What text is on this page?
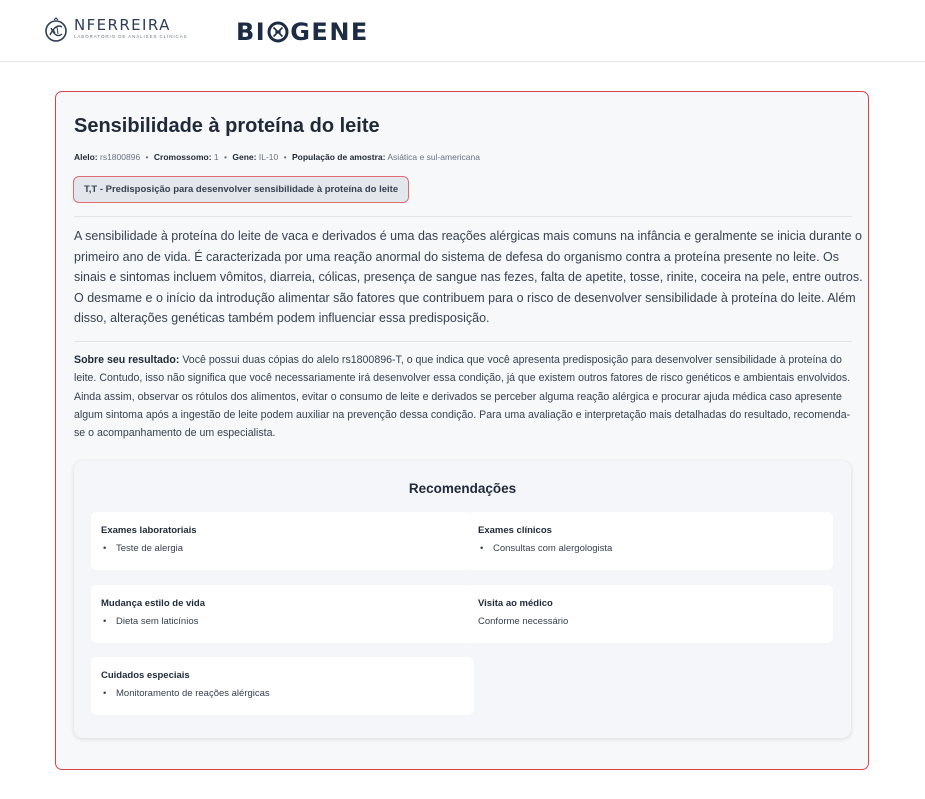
NFERREIRA
LABORATÓRIO DE ANÁLISES CLÍNICAS BI GENE
Sensibilidade à proteína do leite
Alelo: rs1800896 • Cromossomo: 1 • Gene: IL-10 • População de amostra: Asiática e sul-americana
T,T - Predisposição para desenvolver sensibilidade à proteína do leite

A sensibilidade à proteína do leite de vaca e derivados é uma das reações alérgicas mais comuns na infância e geralmente se inicia durante o primeiro ano de vida. É caracterizada por uma reação anormal do sistema de defesa do organismo contra a proteína presente no leite. Os sinais e sintomas incluem vômitos, diarreia, cólicas, presença de sangue nas fezes, falta de apetite, tosse, rinite, coceira na pele, entre outros. O desmame e o início da introdução alimentar são fatores que contribuem para o risco de desenvolver sensibilidade à proteína do leite. Além disso, alterações genéticas também podem influenciar essa predisposição.

Sobre seu resultado: Você possui duas cópias do alelo rs1800896-T, o que indica que você apresenta predisposição para desenvolver sensibilidade à proteína do leite. Contudo, isso não significa que você necessariamente irá desenvolver essa condição, já que existem outros fatores de risco genéticos e ambientais envolvidos. Ainda assim, observar os rótulos dos alimentos, evitar o consumo de leite e derivados se perceber alguma reação alérgica e procurar ajuda médica caso apresente algum sintoma após a ingestão de leite podem auxiliar na prevenção dessa condição. Para uma avaliação e interpretação mais detalhadas do resultado, recomenda-se o acompanhamento de um especialista.

Recomendações
Exames laboratoriais
• Teste de alergia
Exames clínicos
• Consultas com alergologista
Mudança estilo de vida
• Dieta sem laticínios
Visita ao médico
Conforme necessário
Cuidados especiais
• Monitoramento de reações alérgicas
